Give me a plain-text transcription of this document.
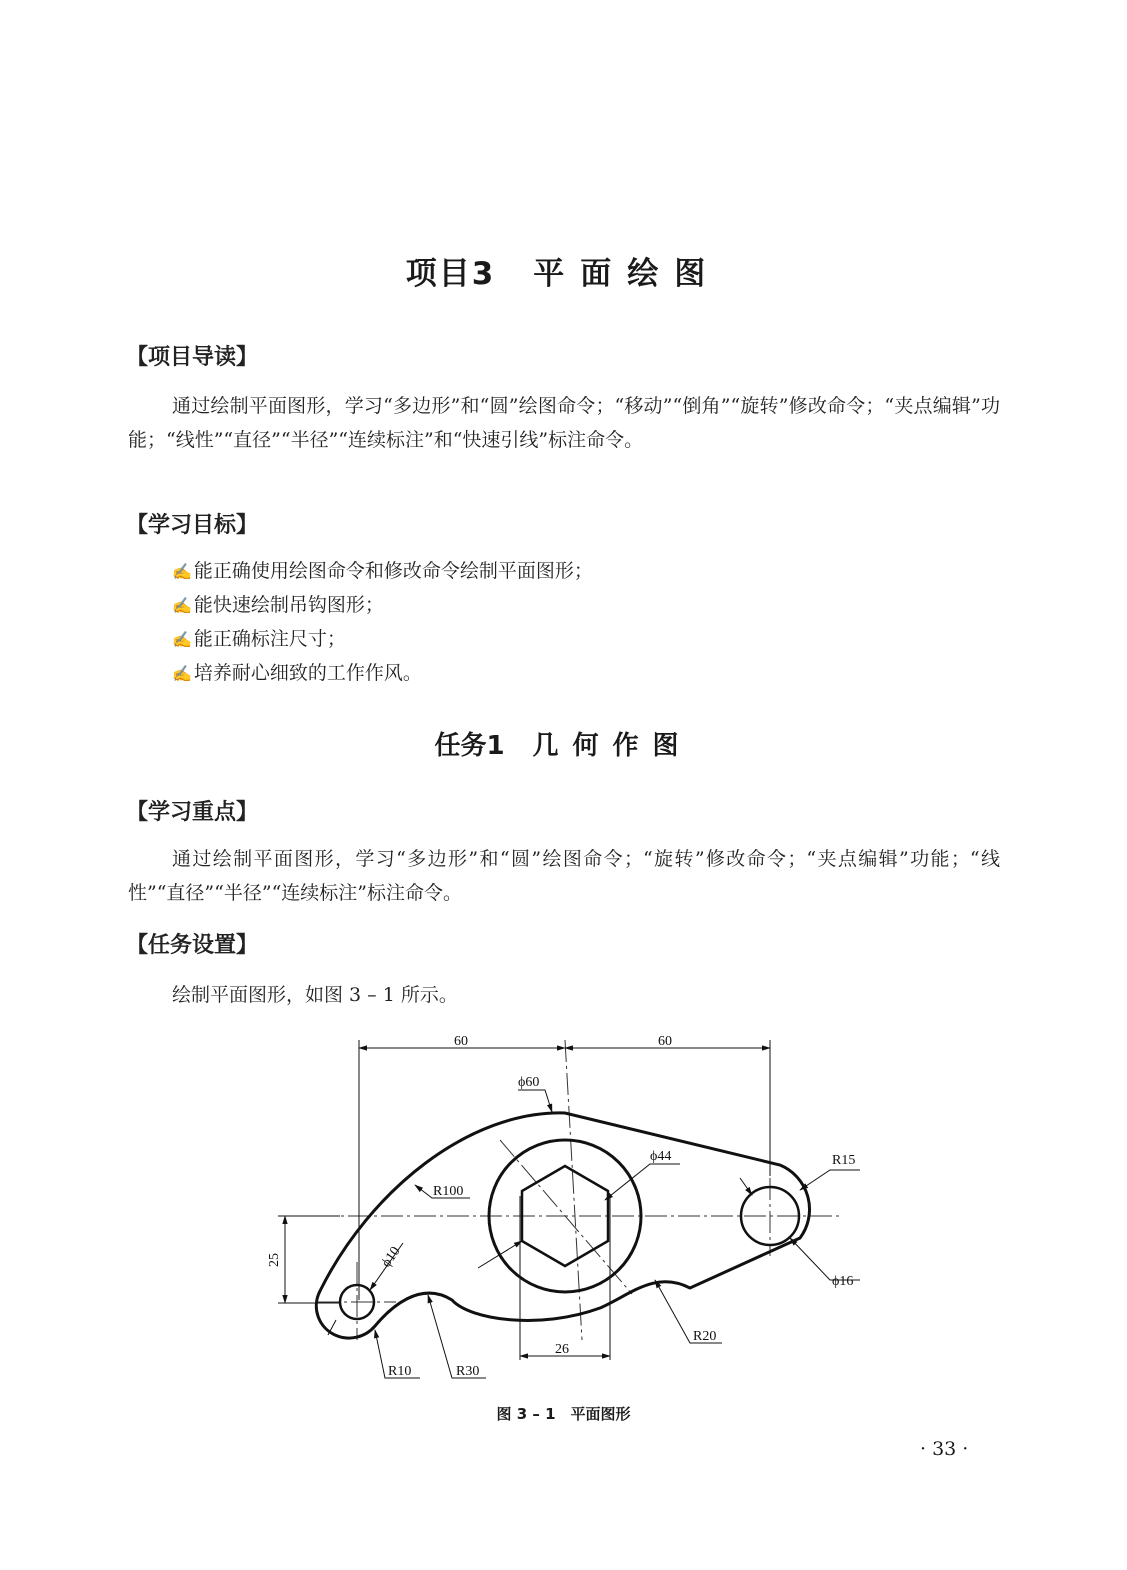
项目3 平面绘图
【项目导读】
通过绘制平面图形，学习“多边形”和“圆”绘图命令；“移动”“倒角”“旋转”修改命令；“夹点编辑”功能；“线性”“直径”“半径”“连续标注”和“快速引线”标注命令。
【学习目标】
✍ 能正确使用绘图命令和修改命令绘制平面图形；
✍ 能快速绘制吊钩图形；
✍ 能正确标注尺寸；
✍ 培养耐心细致的工作作风。
任务1 几何作图
【学习重点】
通过绘制平面图形，学习“多边形”和“圆”绘图命令；“旋转”修改命令；“夹点编辑”功能；“线性”“直径”“半径”“连续标注”标注命令。
【任务设置】
绘制平面图形，如图 3 – 1 所示。
60	60
ϕ60
ϕ44	R15
R100
ϕ10
25
ϕ16
R20
26
R10	R30
图 3 – 1　平面图形
· 33 ·
